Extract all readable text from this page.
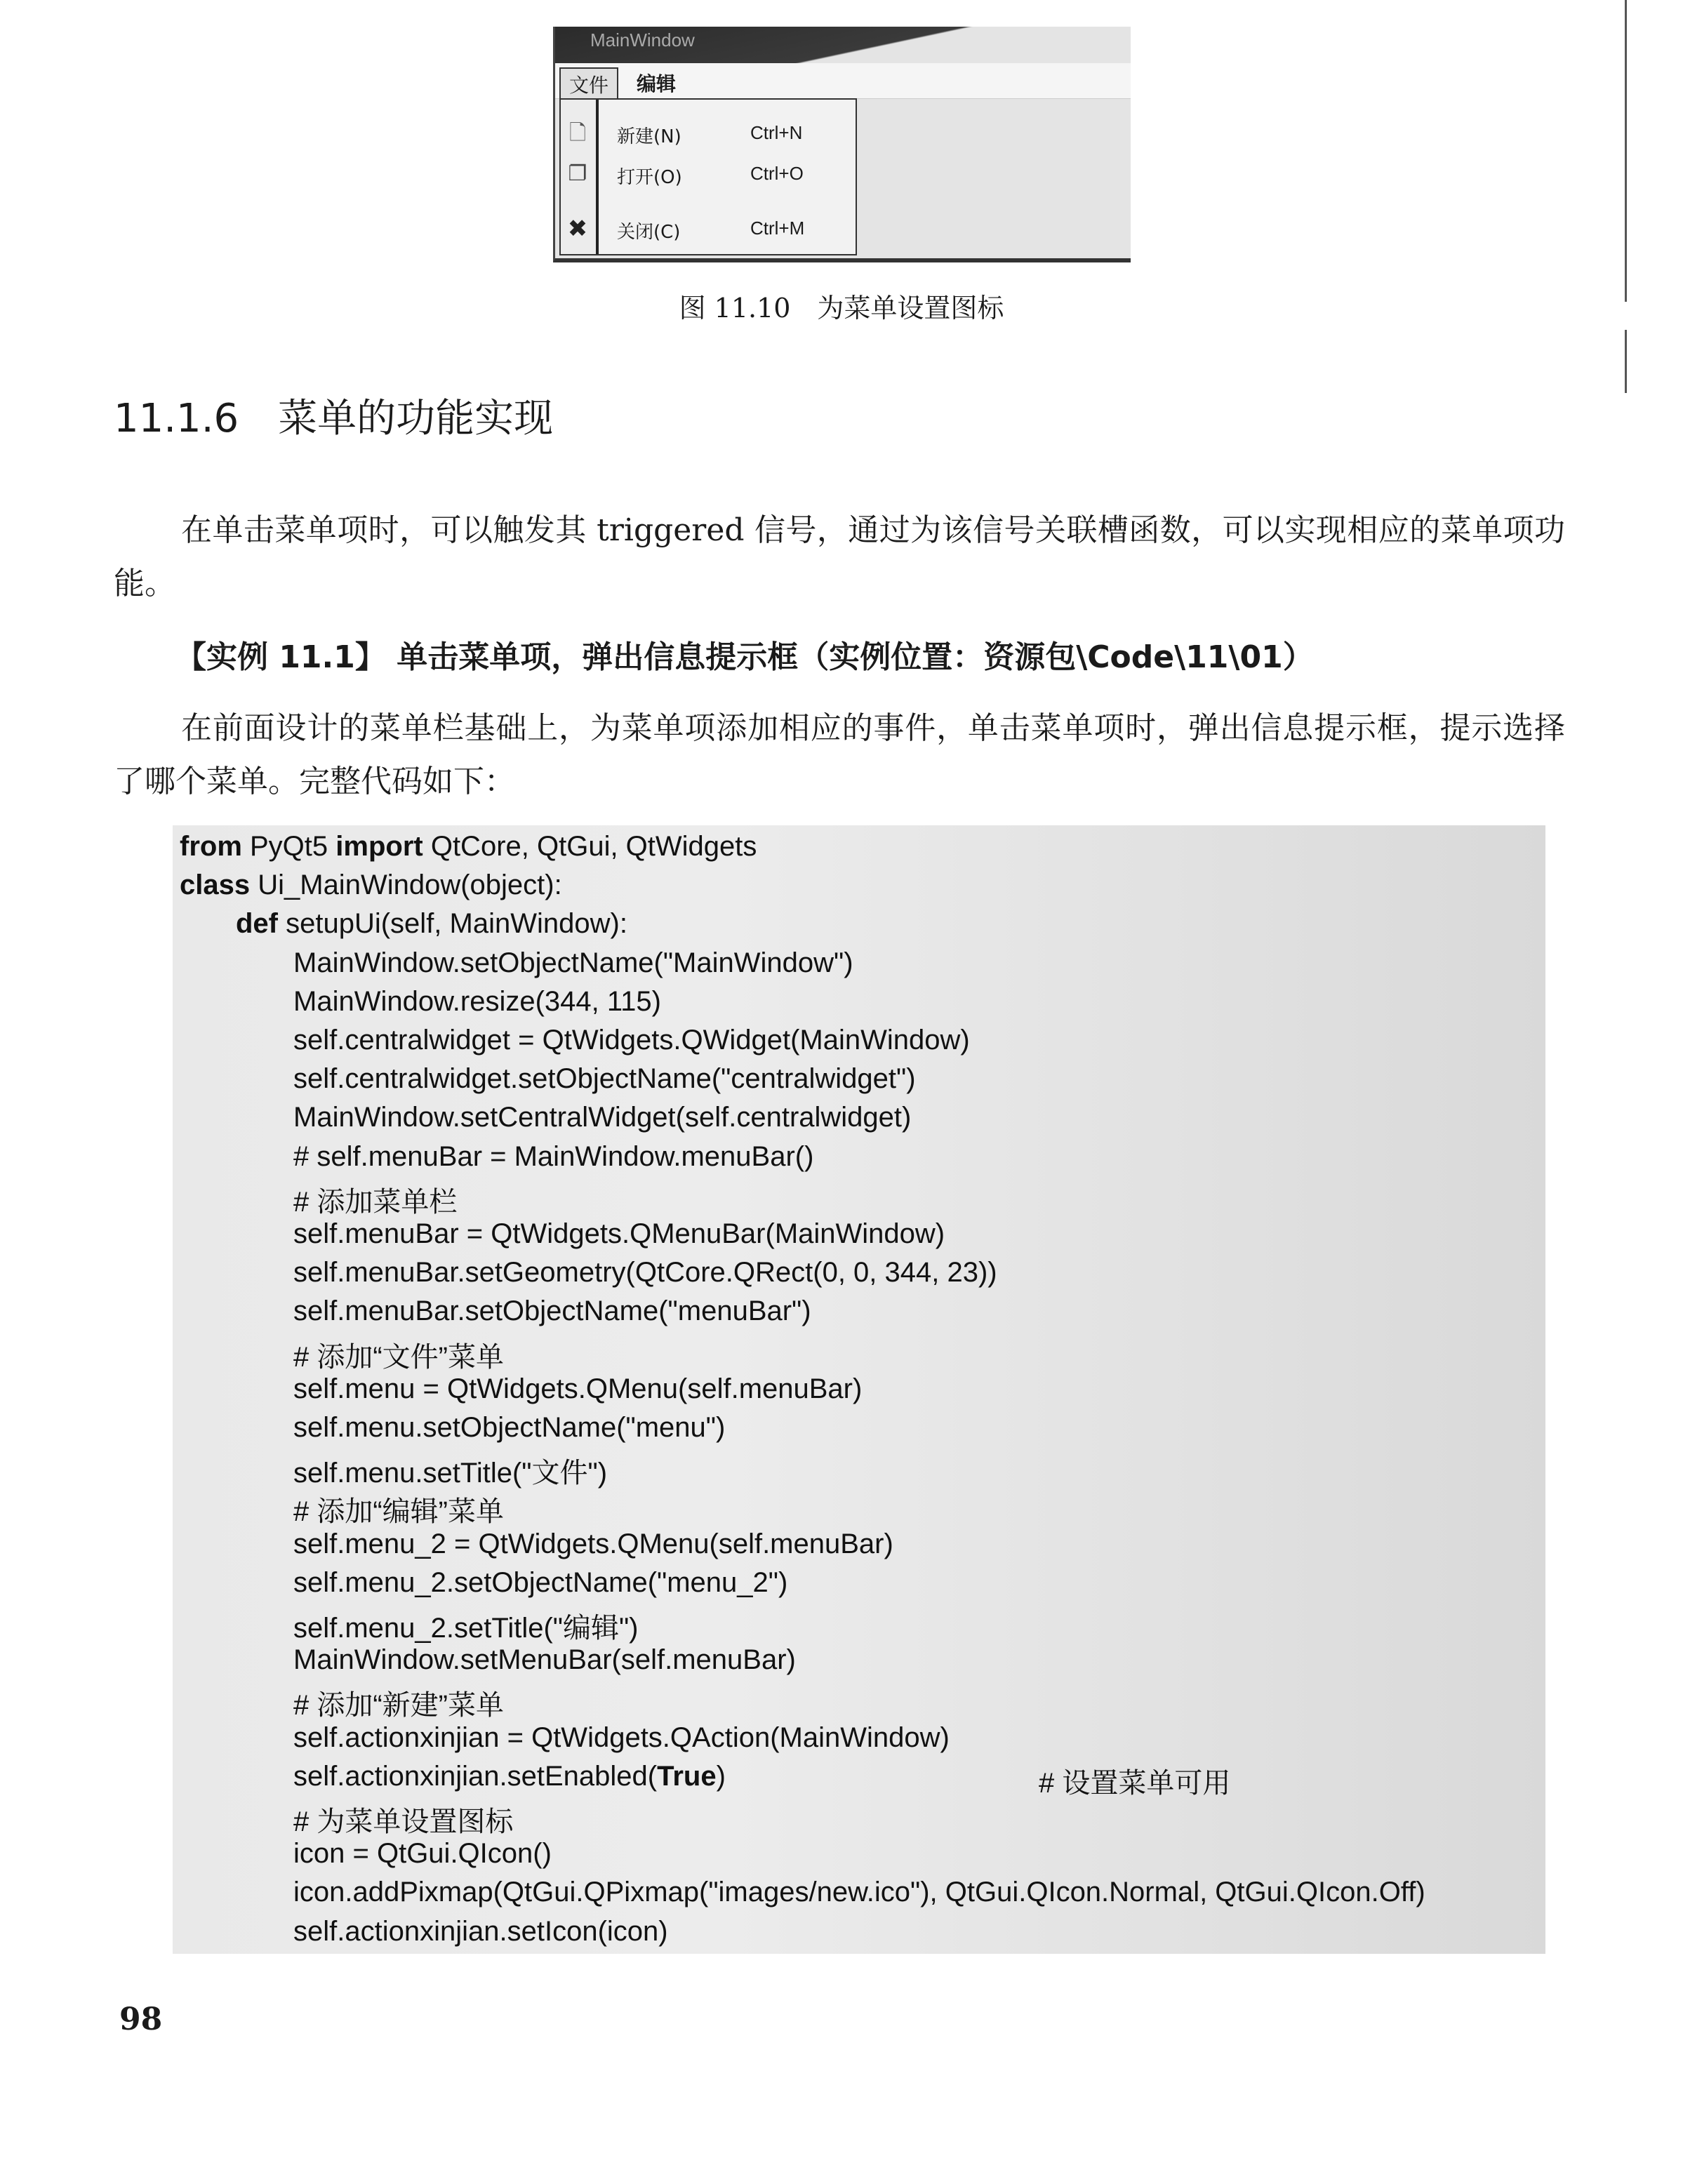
MainWindow
文件	编辑
🗋 新建(N)	Ctrl+N
❐ 打开(O)	Ctrl+O
✖ 关闭(C)	Ctrl+M
图 11.10　为菜单设置图标
11.1.6 菜单的功能实现
在单击菜单项时，可以触发其 triggered 信号，通过为该信号关联槽函数，可以实现相应的菜单项功能。
【实例 11.1】 单击菜单项，弹出信息提示框（实例位置：资源包\Code\11\01）
在前面设计的菜单栏基础上，为菜单项添加相应的事件，单击菜单项时，弹出信息提示框，提示选择了哪个菜单。完整代码如下：
from PyQt5 import QtCore, QtGui, QtWidgets
class Ui_MainWindow(object):
def setupUi(self, MainWindow):
MainWindow.setObjectName("MainWindow")
MainWindow.resize(344, 115)
self.centralwidget = QtWidgets.QWidget(MainWindow)
self.centralwidget.setObjectName("centralwidget")
MainWindow.setCentralWidget(self.centralwidget)
# self.menuBar = MainWindow.menuBar()
# 添加菜单栏
self.menuBar = QtWidgets.QMenuBar(MainWindow)
self.menuBar.setGeometry(QtCore.QRect(0, 0, 344, 23))
self.menuBar.setObjectName("menuBar")
# 添加“文件”菜单
self.menu = QtWidgets.QMenu(self.menuBar)
self.menu.setObjectName("menu")
self.menu.setTitle("文件")
# 添加“编辑”菜单
self.menu_2 = QtWidgets.QMenu(self.menuBar)
self.menu_2.setObjectName("menu_2")
self.menu_2.setTitle("编辑")
MainWindow.setMenuBar(self.menuBar)
# 添加“新建”菜单
self.actionxinjian = QtWidgets.QAction(MainWindow)
self.actionxinjian.setEnabled(True)	# 设置菜单可用
# 为菜单设置图标
icon = QtGui.QIcon()
icon.addPixmap(QtGui.QPixmap("images/new.ico"), QtGui.QIcon.Normal, QtGui.QIcon.Off)
self.actionxinjian.setIcon(icon)
98
